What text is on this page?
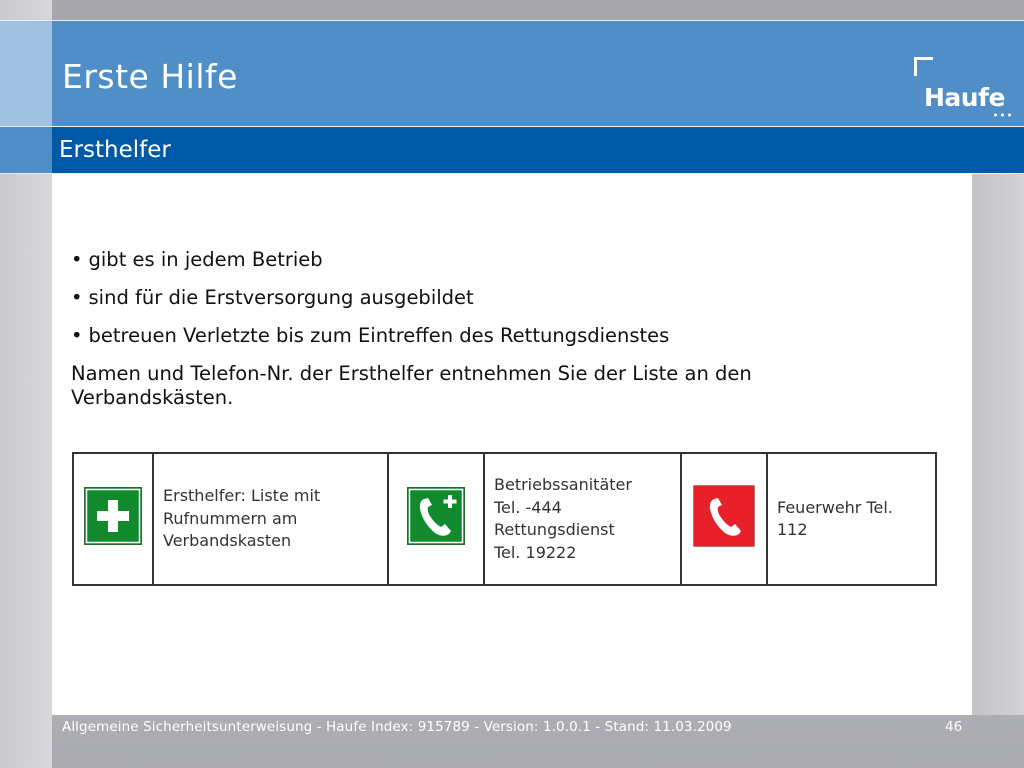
Erste Hilfe
Haufe
Ersthelfer
• gibt es in jedem Betrieb
• sind für die Erstversorgung ausgebildet
• betreuen Verletzte bis zum Eintreffen des Rettungsdienstes
Namen und Telefon-Nr. der Ersthelfer entnehmen Sie der Liste an den
Verbandskästen.

Ersthelfer: Liste mit
Rufnummern am
Verbandskasten

Betriebssanitäter
Tel. -444
Rettungsdienst
Tel. 19222

Feuerwehr Tel.
112
Allgemeine Sicherheitsunterweisung - Haufe Index: 915789 - Version: 1.0.0.1 - Stand: 11.03.2009	46
